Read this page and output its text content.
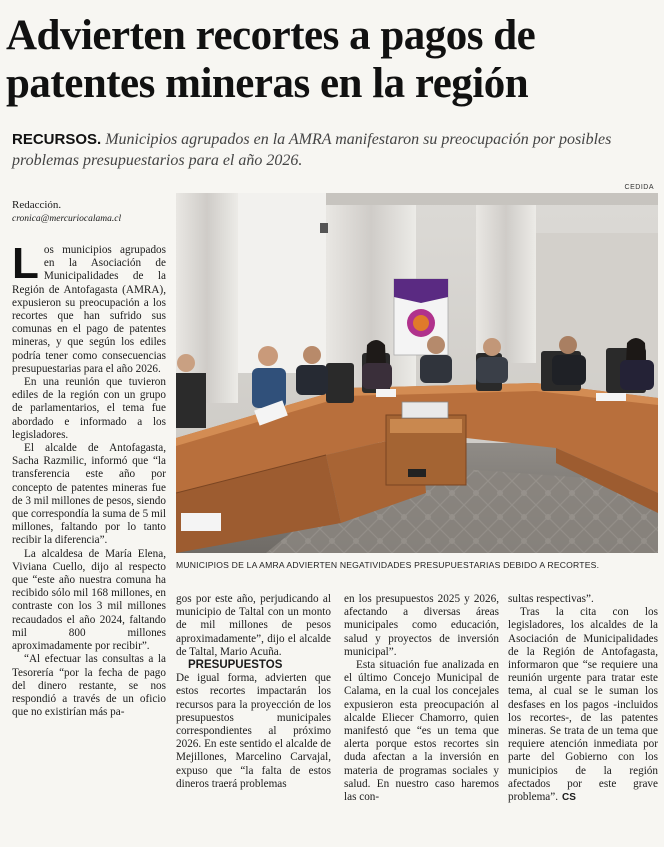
Advierten recortes a pagos de patentes mineras en la región
RECURSOS. Municipios agrupados en la AMRA manifestaron su preocupación por posibles problemas presupuestarios para el año 2026.
CEDIDA
Redacción.
cronica@mercuriocalama.cl

Los municipios agrupados en la Asociación de Municipalidades de la Región de Antofagasta (AMRA), expusieron su preocupación a los recortes que han sufrido sus comunas en el pago de patentes mineras, y que según los ediles podría tener como consecuencias presupuestarias para el año 2026.

En una reunión que tuvieron ediles de la región con un grupo de parlamentarios, el tema fue abordado e informado a los legisladores.

El alcalde de Antofagasta, Sacha Razmilic, informó que “la transferencia este año por concepto de patentes mineras fue de 3 mil millones de pesos, siendo que correspondía la suma de 5 mil millones, faltando por lo tanto recibir la diferencia”.

La alcaldesa de María Elena, Viviana Cuello, dijo al respecto que “este año nuestra comuna ha recibido sólo mil 168 millones, en contraste con los 3 mil millones recaudados el año 2024, faltando mil 800 millones aproximadamente por recibir”.

“Al efectuar las consultas a la Tesorería “por la fecha de pago del dinero restante, se nos respondió a través de un oficio que no existirían más pa-

MUNICIPIOS DE LA AMRA ADVIERTEN NEGATIVIDADES PRESUPUESTARIAS DEBIDO A RECORTES.

gos por este año, perjudicando al municipio de Taltal con un monto de mil millones de pesos aproximadamente”, dijo el alcalde de Taltal, Mario Acuña.

PRESUPUESTOS

De igual forma, advierten que estos recortes impactarán los recursos para la proyección de los presupuestos municipales correspondientes al próximo 2026. En este sentido el alcalde de Mejillones, Marcelino Carvajal, expuso que “la falta de estos dineros traerá problemas

en los presupuestos 2025 y 2026, afectando a diversas áreas municipales como educación, salud y proyectos de inversión municipal”.

Esta situación fue analizada en el último Concejo Municipal de Calama, en la cual los concejales expusieron esta preocupación al alcalde Eliecer Chamorro, quien manifestó que “es un tema que alerta porque estos recortes sin duda afectan a la inversión en materia de programas sociales y salud. En nuestro caso haremos las con-

sultas respectivas”.

Tras la cita con los legisladores, los alcaldes de la Asociación de Municipalidades de la Región de Antofagasta, informaron que “se requiere una reunión urgente para tratar este tema, al cual se le suman los desfases en los pagos -incluidos los recortes-, de las patentes mineras. Se trata de un tema que requiere atención inmediata por parte del Gobierno con los municipios de la región afectados por este grave problema”. CS
